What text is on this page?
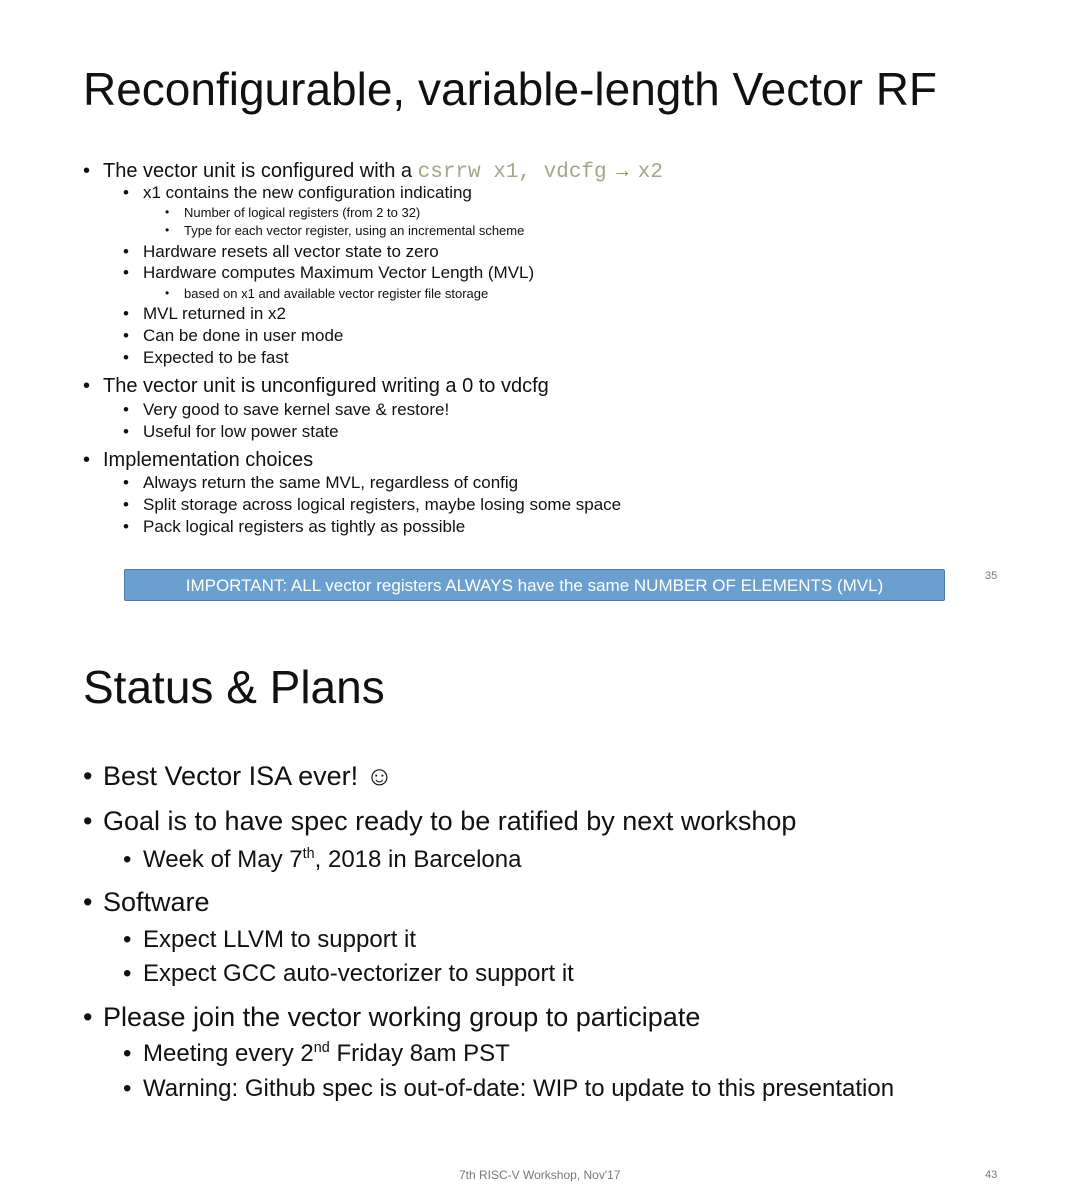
Reconfigurable, variable-length Vector RF
• The vector unit is configured with a csrrw x1, vdcfg → x2
• x1 contains the new configuration indicating
• Number of logical registers (from 2 to 32)
• Type for each vector register, using an incremental scheme
• Hardware resets all vector state to zero
• Hardware computes Maximum Vector Length (MVL)
• based on x1 and available vector register file storage
• MVL returned in x2
• Can be done in user mode
• Expected to be fast
• The vector unit is unconfigured writing a 0 to vdcfg
• Very good to save kernel save & restore!
• Useful for low power state
• Implementation choices
• Always return the same MVL, regardless of config
• Split storage across logical registers, maybe losing some space
• Pack logical registers as tightly as possible
IMPORTANT: ALL vector registers ALWAYS have the same NUMBER OF ELEMENTS (MVL)	35
Status & Plans
• Best Vector ISA ever! ☺
• Goal is to have spec ready to be ratified by next workshop
• Week of May 7th, 2018 in Barcelona
• Software
• Expect LLVM to support it
• Expect GCC auto-vectorizer to support it
• Please join the vector working group to participate
• Meeting every 2nd Friday 8am PST
• Warning: Github spec is out-of-date: WIP to update to this presentation
7th RISC-V Workshop, Nov'17	43
